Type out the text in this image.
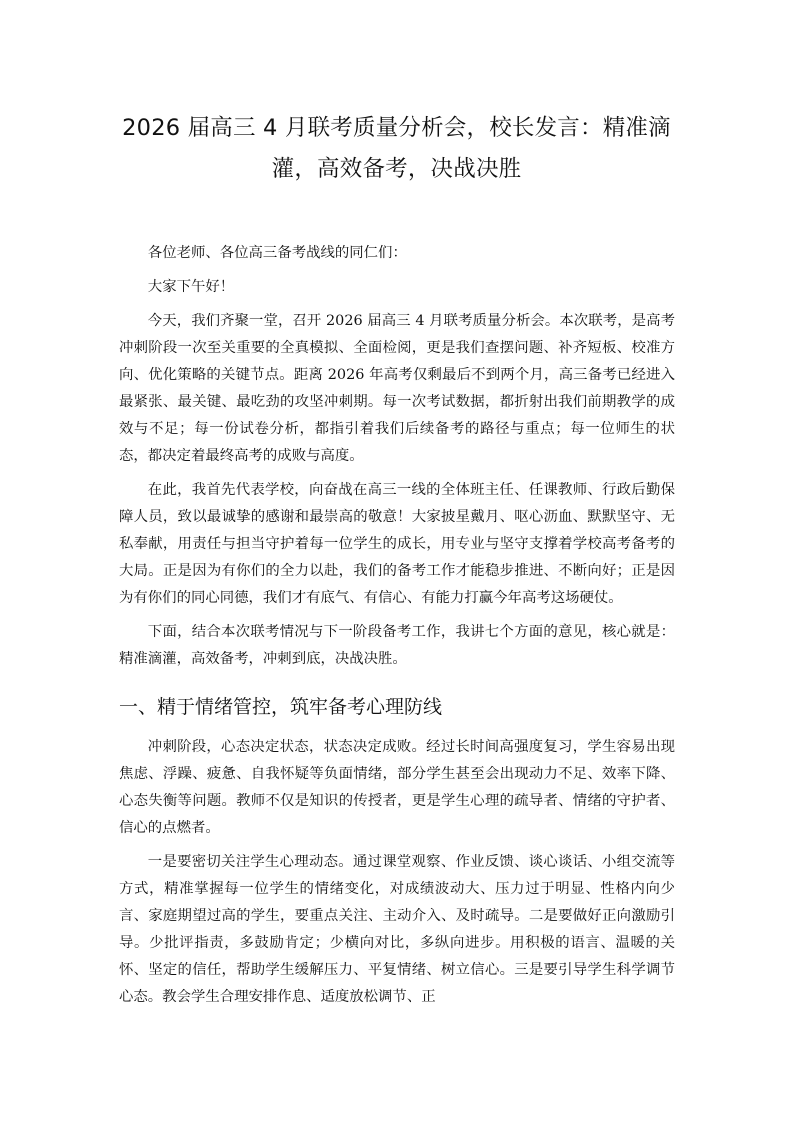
2026 届高三 4 月联考质量分析会，校长发言：精准滴灌，高效备考，决战决胜

各位老师、各位高三备考战线的同仁们：

大家下午好！

今天，我们齐聚一堂，召开 2026 届高三 4 月联考质量分析会。本次联考，是高考冲刺阶段一次至关重要的全真模拟、全面检阅，更是我们查摆问题、补齐短板、校准方向、优化策略的关键节点。距离 2026 年高考仅剩最后不到两个月，高三备考已经进入最紧张、最关键、最吃劲的攻坚冲刺期。每一次考试数据，都折射出我们前期教学的成效与不足；每一份试卷分析，都指引着我们后续备考的路径与重点；每一位师生的状态，都决定着最终高考的成败与高度。

在此，我首先代表学校，向奋战在高三一线的全体班主任、任课教师、行政后勤保障人员，致以最诚挚的感谢和最崇高的敬意！大家披星戴月、呕心沥血、默默坚守、无私奉献，用责任与担当守护着每一位学生的成长，用专业与坚守支撑着学校高考备考的大局。正是因为有你们的全力以赴，我们的备考工作才能稳步推进、不断向好；正是因为有你们的同心同德，我们才有底气、有信心、有能力打赢今年高考这场硬仗。

下面，结合本次联考情况与下一阶段备考工作，我讲七个方面的意见，核心就是：精准滴灌，高效备考，冲刺到底，决战决胜。

一、精于情绪管控，筑牢备考心理防线

冲刺阶段，心态决定状态，状态决定成败。经过长时间高强度复习，学生容易出现焦虑、浮躁、疲惫、自我怀疑等负面情绪，部分学生甚至会出现动力不足、效率下降、心态失衡等问题。教师不仅是知识的传授者，更是学生心理的疏导者、情绪的守护者、信心的点燃者。

一是要密切关注学生心理动态。通过课堂观察、作业反馈、谈心谈话、小组交流等方式，精准掌握每一位学生的情绪变化，对成绩波动大、压力过于明显、性格内向少言、家庭期望过高的学生，要重点关注、主动介入、及时疏导。二是要做好正向激励引导。少批评指责，多鼓励肯定；少横向对比，多纵向进步。用积极的语言、温暖的关怀、坚定的信任，帮助学生缓解压力、平复情绪、树立信心。三是要引导学生科学调节心态。教会学生合理安排作息、适度放松调节、正
